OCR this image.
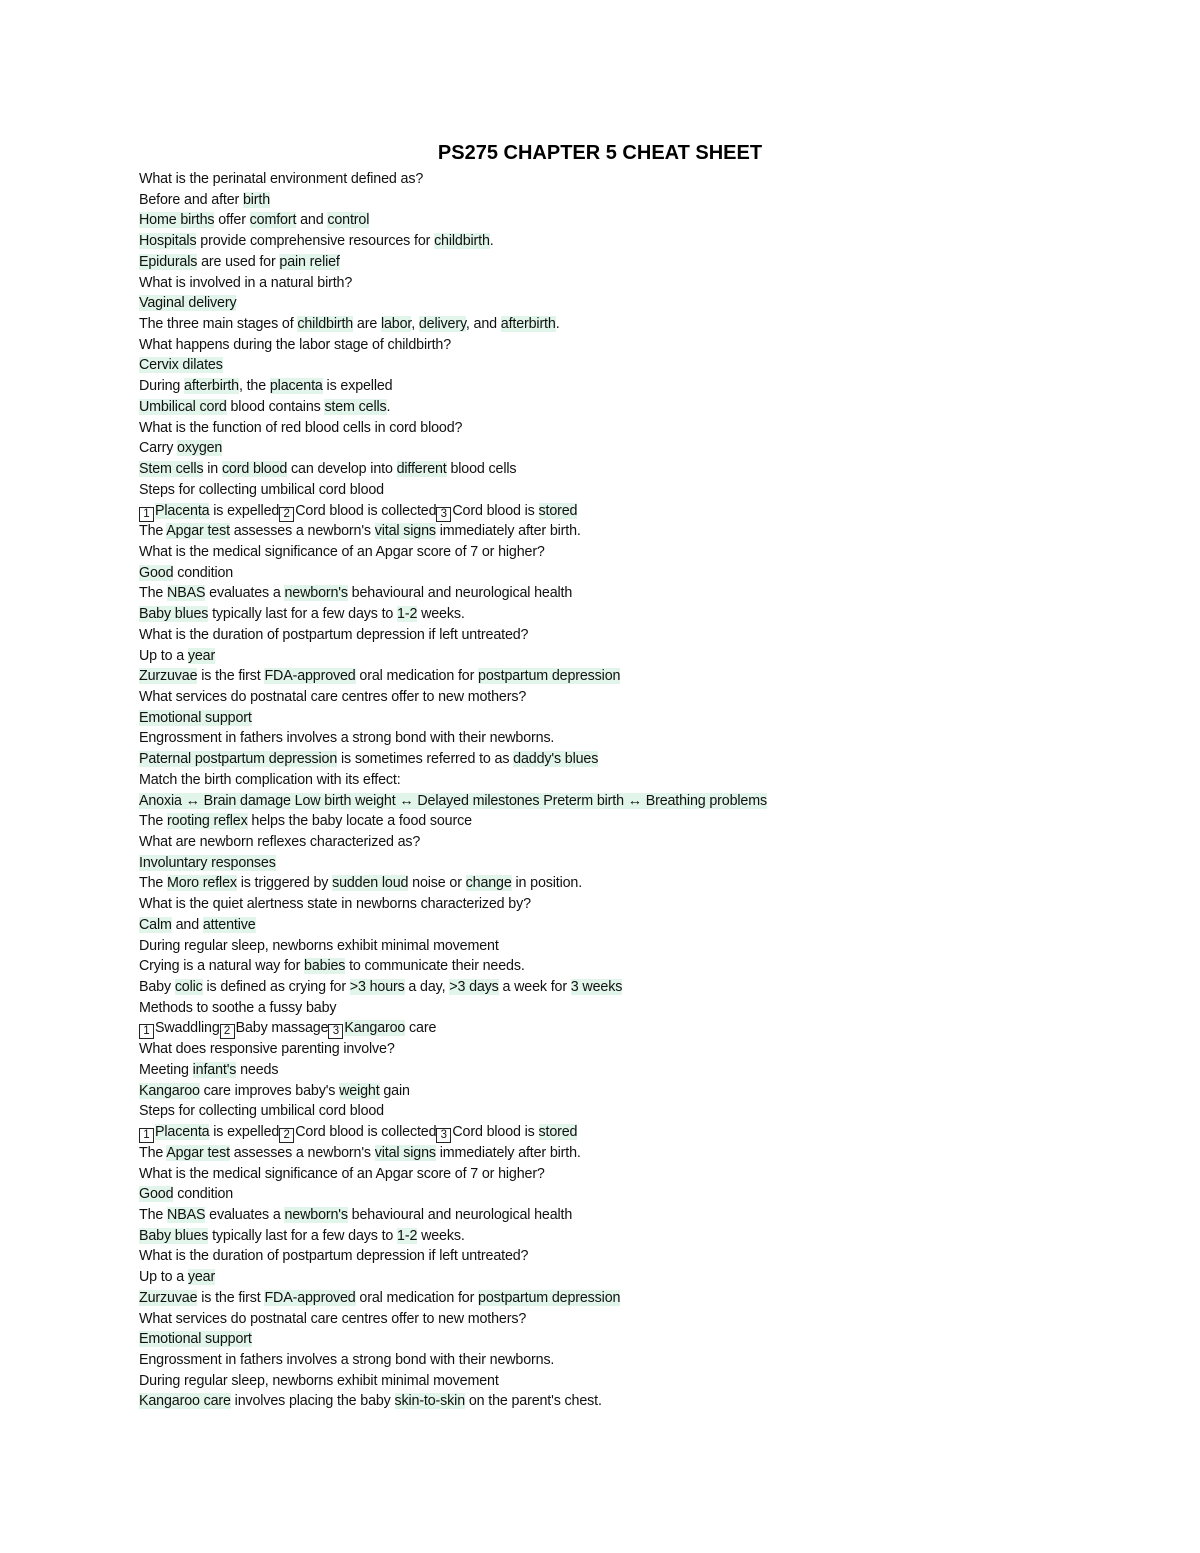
PS275 CHAPTER 5 CHEAT SHEET
What is the perinatal environment defined as?
Before and after birth
Home births offer comfort and control
Hospitals provide comprehensive resources for childbirth.
Epidurals are used for pain relief
What is involved in a natural birth?
Vaginal delivery
The three main stages of childbirth are labor, delivery, and afterbirth.
What happens during the labor stage of childbirth?
Cervix dilates
During afterbirth, the placenta is expelled
Umbilical cord blood contains stem cells.
What is the function of red blood cells in cord blood?
Carry oxygen
Stem cells in cord blood can develop into different blood cells
Steps for collecting umbilical cord blood
1 Placenta is expelled 2 Cord blood is collected 3 Cord blood is stored
The Apgar test assesses a newborn's vital signs immediately after birth.
What is the medical significance of an Apgar score of 7 or higher?
Good condition
The NBAS evaluates a newborn's behavioural and neurological health
Baby blues typically last for a few days to 1-2 weeks.
What is the duration of postpartum depression if left untreated?
Up to a year
Zurzuvae is the first FDA-approved oral medication for postpartum depression
What services do postnatal care centres offer to new mothers?
Emotional support
Engrossment in fathers involves a strong bond with their newborns.
Paternal postpartum depression is sometimes referred to as daddy's blues
Match the birth complication with its effect:
Anoxia ↔ Brain damage Low birth weight ↔ Delayed milestones Preterm birth ↔ Breathing problems
The rooting reflex helps the baby locate a food source
What are newborn reflexes characterized as?
Involuntary responses
The Moro reflex is triggered by sudden loud noise or change in position.
What is the quiet alertness state in newborns characterized by?
Calm and attentive
During regular sleep, newborns exhibit minimal movement
Crying is a natural way for babies to communicate their needs.
Baby colic is defined as crying for >3 hours a day, >3 days a week for 3 weeks
Methods to soothe a fussy baby
1 Swaddling 2 Baby massage 3 Kangaroo care
What does responsive parenting involve?
Meeting infant's needs
Kangaroo care improves baby's weight gain
Steps for collecting umbilical cord blood
1 Placenta is expelled 2 Cord blood is collected 3 Cord blood is stored
The Apgar test assesses a newborn's vital signs immediately after birth.
What is the medical significance of an Apgar score of 7 or higher?
Good condition
The NBAS evaluates a newborn's behavioural and neurological health
Baby blues typically last for a few days to 1-2 weeks.
What is the duration of postpartum depression if left untreated?
Up to a year
Zurzuvae is the first FDA-approved oral medication for postpartum depression
What services do postnatal care centres offer to new mothers?
Emotional support
Engrossment in fathers involves a strong bond with their newborns.
During regular sleep, newborns exhibit minimal movement
Kangaroo care involves placing the baby skin-to-skin on the parent's chest.
